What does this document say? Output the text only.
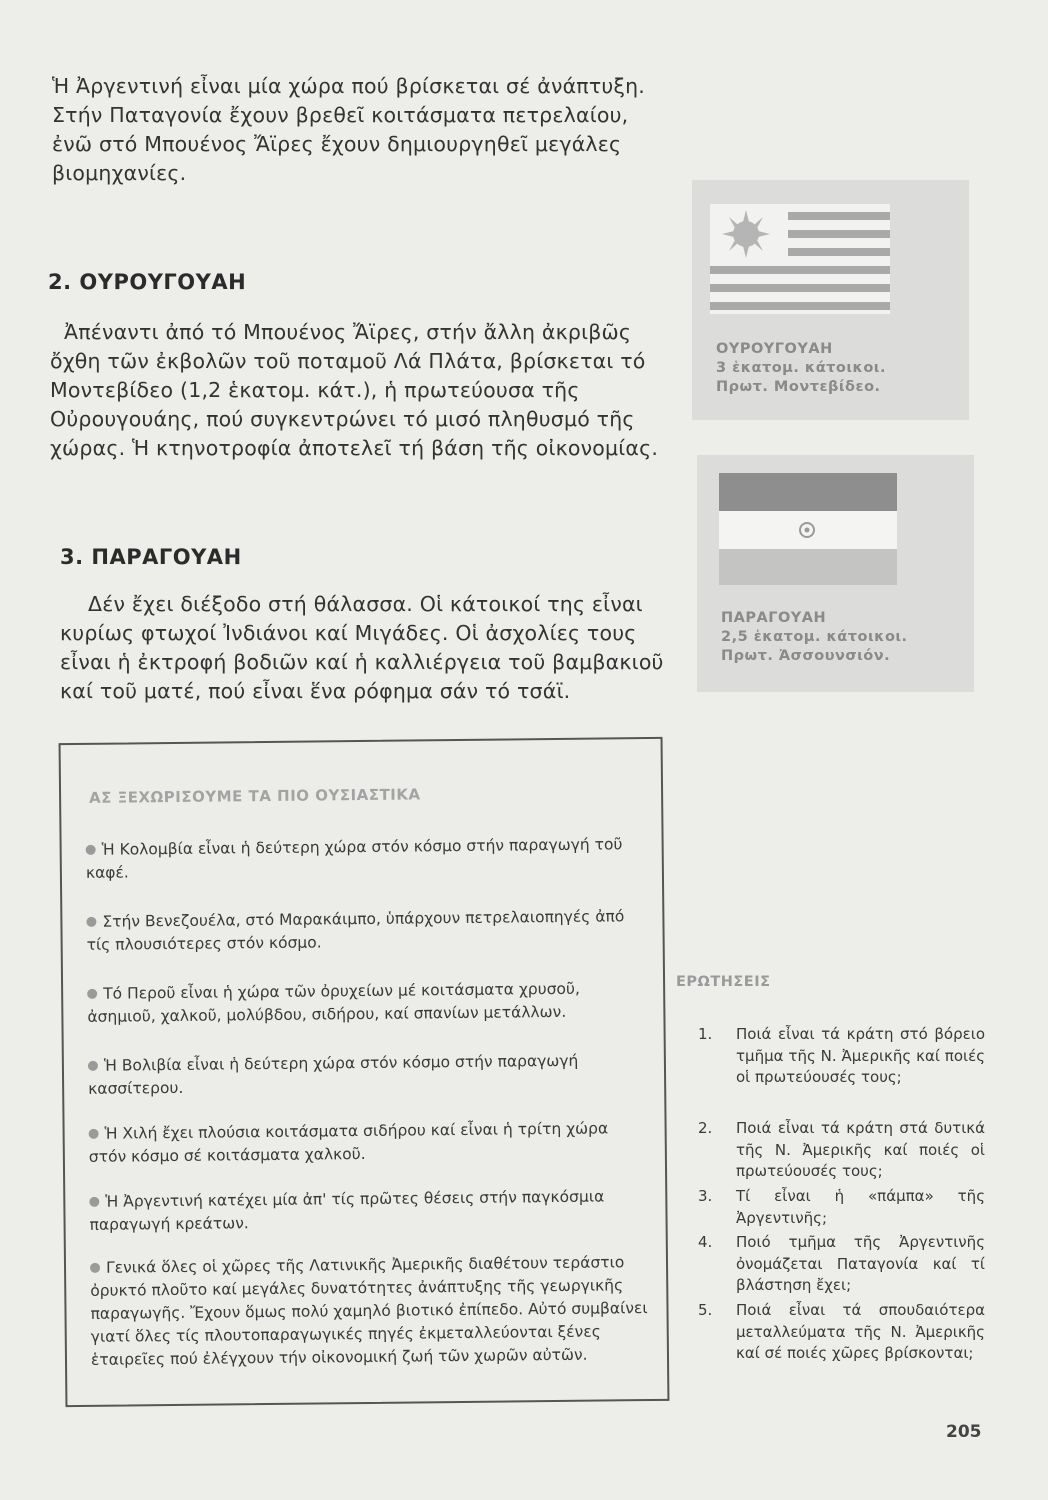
Ἡ Ἀργεντινή εἶναι μία χώρα πού βρίσκεται σέ ἀνάπτυξη. Στήν Παταγονία ἔχουν βρεθεῖ κοιτάσματα πετρελαίου, ἐνῶ στό Μπουένος Ἄϊρες ἔχουν δημιουργηθεῖ μεγάλες βιομηχανίες.
2. ΟΥΡΟΥΓΟΥΑΗ
Ἀπέναντι ἀπό τό Μπουένος Ἄϊρες, στήν ἄλλη ἀκριβῶς ὄχθη τῶν ἐκβολῶν τοῦ ποταμοῦ Λά Πλάτα, βρίσκεται τό Μοντεβίδεο (1,2 ἑκατομ. κάτ.), ἡ πρωτεύουσα τῆς Οὐρουγουάης, πού συγκεντρώνει τό μισό πληθυσμό τῆς χώρας. Ἡ κτηνοτροφία ἀποτελεῖ τή βάση τῆς οἰκονομίας.
3. ΠΑΡΑΓΟΥΑΗ
Δέν ἔχει διέξοδο στή θάλασσα. Οἱ κάτοικοί της εἶναι κυρίως φτωχοί Ἰνδιάνοι καί Μιγάδες. Οἱ ἀσχολίες τους εἶναι ἡ ἐκτροφή βοδιῶν καί ἡ καλλιέργεια τοῦ βαμβακιοῦ καί τοῦ ματέ, πού εἶναι ἕνα ρόφημα σάν τό τσάϊ.
ΟΥΡΟΥΓΟΥΑΗ
3 ἑκατομ. κάτοικοι.
Πρωτ. Μοντεβίδεο.
ΠΑΡΑΓΟΥΑΗ
2,5 ἑκατομ. κάτοικοι.
Πρωτ. Ἀσσουνσιόν.
ΑΣ ΞΕΧΩΡΙΣΟΥΜΕ ΤΑ ΠΙΟ ΟΥΣΙΑΣΤΙΚΑ
Ἡ Κολομβία εἶναι ἡ δεύτερη χώρα στόν κόσμο στήν παραγωγή τοῦ καφέ.
Στήν Βενεζουέλα, στό Μαρακάιμπο, ὑπάρχουν πετρελαιοπηγές ἀπό τίς πλουσιότερες στόν κόσμο.
Τό Περοῦ εἶναι ἡ χώρα τῶν ὀρυχείων μέ κοιτάσματα χρυσοῦ, ἀσημιοῦ, χαλκοῦ, μολύβδου, σιδήρου, καί σπανίων μετάλλων.
Ἡ Βολιβία εἶναι ἡ δεύτερη χώρα στόν κόσμο στήν παραγωγή κασσίτερου.
Ἡ Χιλή ἔχει πλούσια κοιτάσματα σιδήρου καί εἶναι ἡ τρίτη χώρα στόν κόσμο σέ κοιτάσματα χαλκοῦ.
Ἡ Ἀργεντινή κατέχει μία ἀπ' τίς πρῶτες θέσεις στήν παγκόσμια παραγωγή κρεάτων.
Γενικά ὅλες οἱ χῶρες τῆς Λατινικῆς Ἀμερικῆς διαθέτουν τεράστιο ὀρυκτό πλοῦτο καί μεγάλες δυνατότητες ἀνάπτυξης τῆς γεωργικῆς παραγωγῆς. Ἔχουν ὅμως πολύ χαμηλό βιοτικό ἐπίπεδο. Αὐτό συμβαίνει γιατί ὅλες τίς πλουτοπαραγωγικές πηγές ἐκμεταλλεύονται ξένες ἑταιρεῖες πού ἐλέγχουν τήν οἰκονομική ζωή τῶν χωρῶν αὐτῶν.
ΕΡΩΤΗΣΕΙΣ
1. Ποιά εἶναι τά κράτη στό βόρειο τμῆμα τῆς Ν. Ἀμερικῆς καί ποιές οἱ πρωτεύουσές τους;
2. Ποιά εἶναι τά κράτη στά δυτικά τῆς Ν. Ἀμερικῆς καί ποιές οἱ πρωτεύουσές τους;
3. Τί εἶναι ἡ «πάμπα» τῆς Ἀργεντινῆς;
4. Ποιό τμῆμα τῆς Ἀργεντινῆς ὀνομάζεται Παταγονία καί τί βλάστηση ἔχει;
5. Ποιά εἶναι τά σπουδαιότερα μεταλλεύματα τῆς Ν. Ἀμερικῆς καί σέ ποιές χῶρες βρίσκονται;
205
